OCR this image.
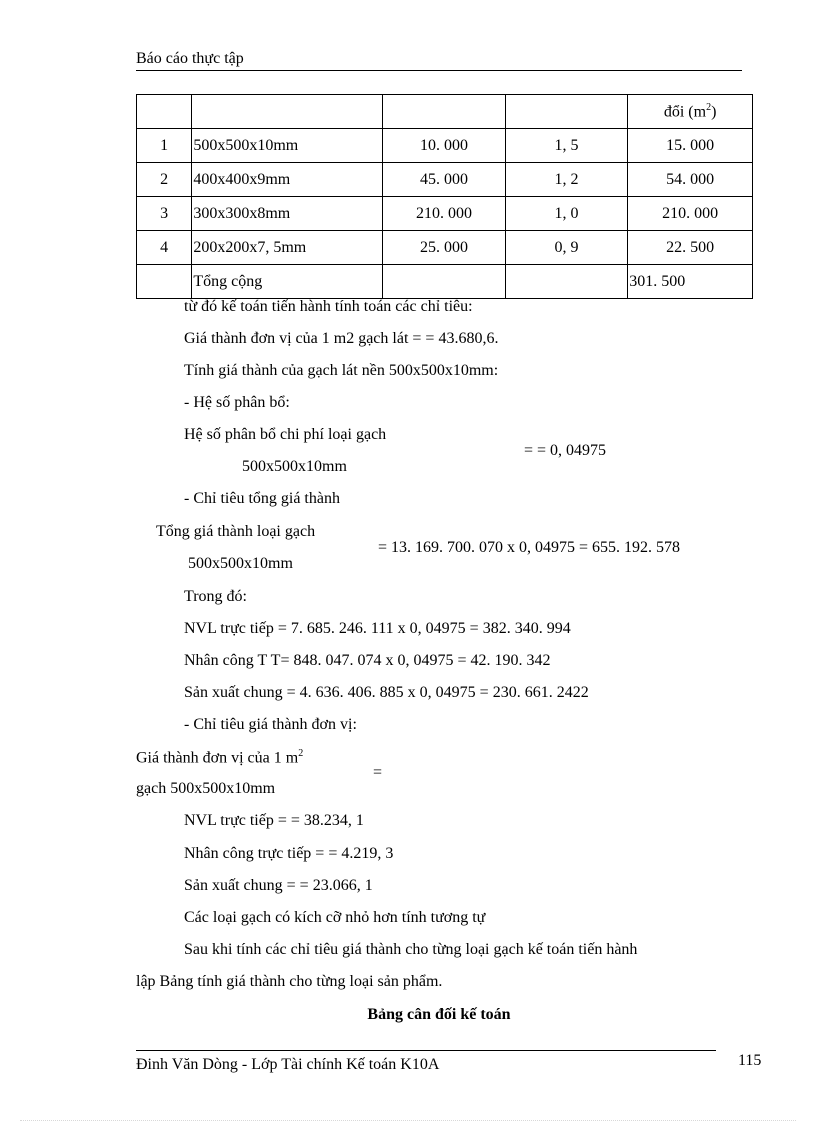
Báo cáo thực tập
				đổi $(m^2)$
1	500x500x10mm	10. 000	1, 5	15. 000
2	400x400x9mm	45. 000	1, 2	54. 000
3	300x300x8mm	210. 000	1, 0	210. 000
4	200x200x7, 5mm	25. 000	0, 9	22. 500
	Tổng cộng			301. 500
từ đó kế toán tiến hành tính toán các chỉ tiêu:
Giá thành đơn vị của 1 m2 gạch lát = = 43.680,6.
Tính giá thành của gạch lát nền 500x500x10mm:
- Hệ số phân bổ:
Hệ số phân bổ chi phí loại gạch
500x500x10mm
= = 0, 04975
- Chỉ tiêu tổng giá thành
Tổng giá thành loại gạch
= 13. 169. 700. 070 x 0, 04975 = 655. 192. 578
500x500x10mm
Trong đó:
NVL trực tiếp = 7. 685. 246. 111 x 0, 04975 = 382. 340. 994
Nhân công T T= 848. 047. 074 x 0, 04975 = 42. 190. 342
Sản xuất chung = 4. 636. 406. 885 x 0, 04975 = 230. 661. 2422
- Chỉ tiêu giá thành đơn vị:
Giá thành đơn vị của 1 $m^2$
=
gạch 500x500x10mm
NVL trực tiếp = = 38.234, 1
Nhân công trực tiếp = = 4.219, 3
Sản xuất chung = = 23.066, 1
Các loại gạch có kích cỡ nhỏ hơn tính tương tự
Sau khi tính các chỉ tiêu giá thành cho từng loại gạch kế toán tiến hành
lập Bảng tính giá thành cho từng loại sản phẩm.
Bảng cân đối kế toán
Đinh Văn Dòng - Lớp Tài chính Kế toán K10A	115
